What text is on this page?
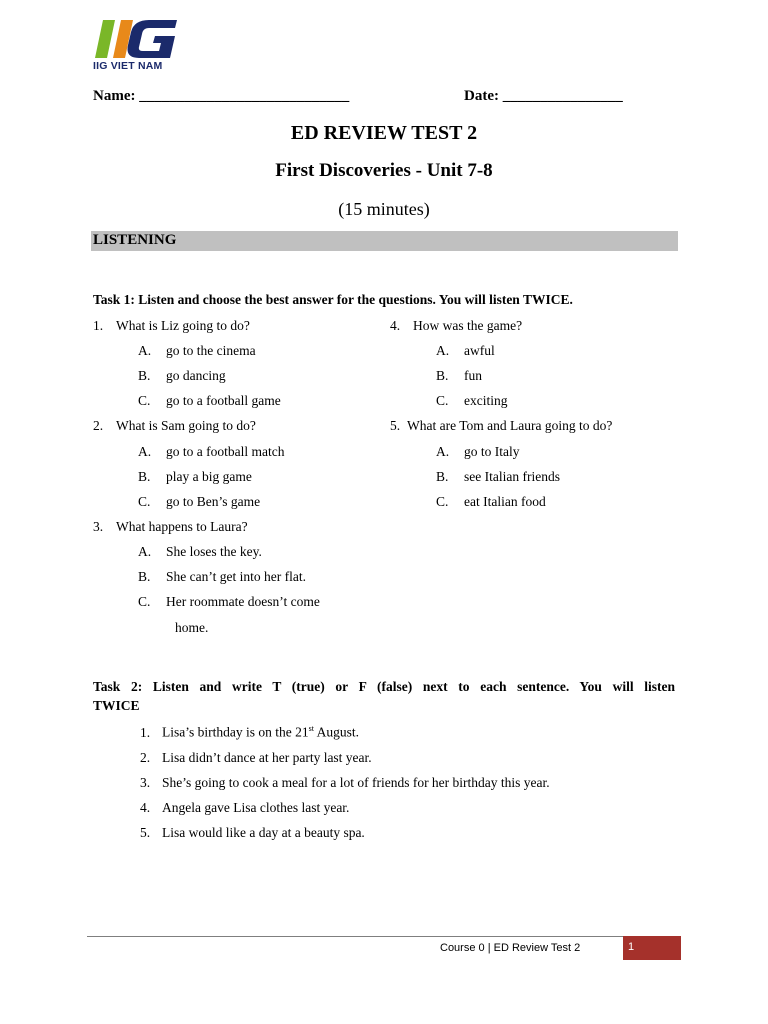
IIG VIET NAM
Name: ____________________________	Date: ________________
ED REVIEW TEST 2
First Discoveries - Unit 7-8
(15 minutes)
LISTENING
Task 1: Listen and choose the best answer for the questions. You will listen TWICE.
1. What is Liz going to do?
A. go to the cinema
B. go dancing
C. go to a football game
2. What is Sam going to do?
A. go to a football match
B. play a big game
C. go to Ben’s game
3. What happens to Laura?
A. She loses the key.
B. She can’t get into her flat.
C. Her roommate doesn’t come
home.
4. How was the game?
A. awful
B. fun
C. exciting
5. What are Tom and Laura going to do?
A. go to Italy
B. see Italian friends
C. eat Italian food
Task 2: Listen and write T (true) or F (false) next to each sentence. You will listen
TWICE
1. Lisa’s birthday is on the 21st August.
2. Lisa didn’t dance at her party last year.
3. She’s going to cook a meal for a lot of friends for her birthday this year.
4. Angela gave Lisa clothes last year.
5. Lisa would like a day at a beauty spa.
Course 0 | ED Review Test 2	1
